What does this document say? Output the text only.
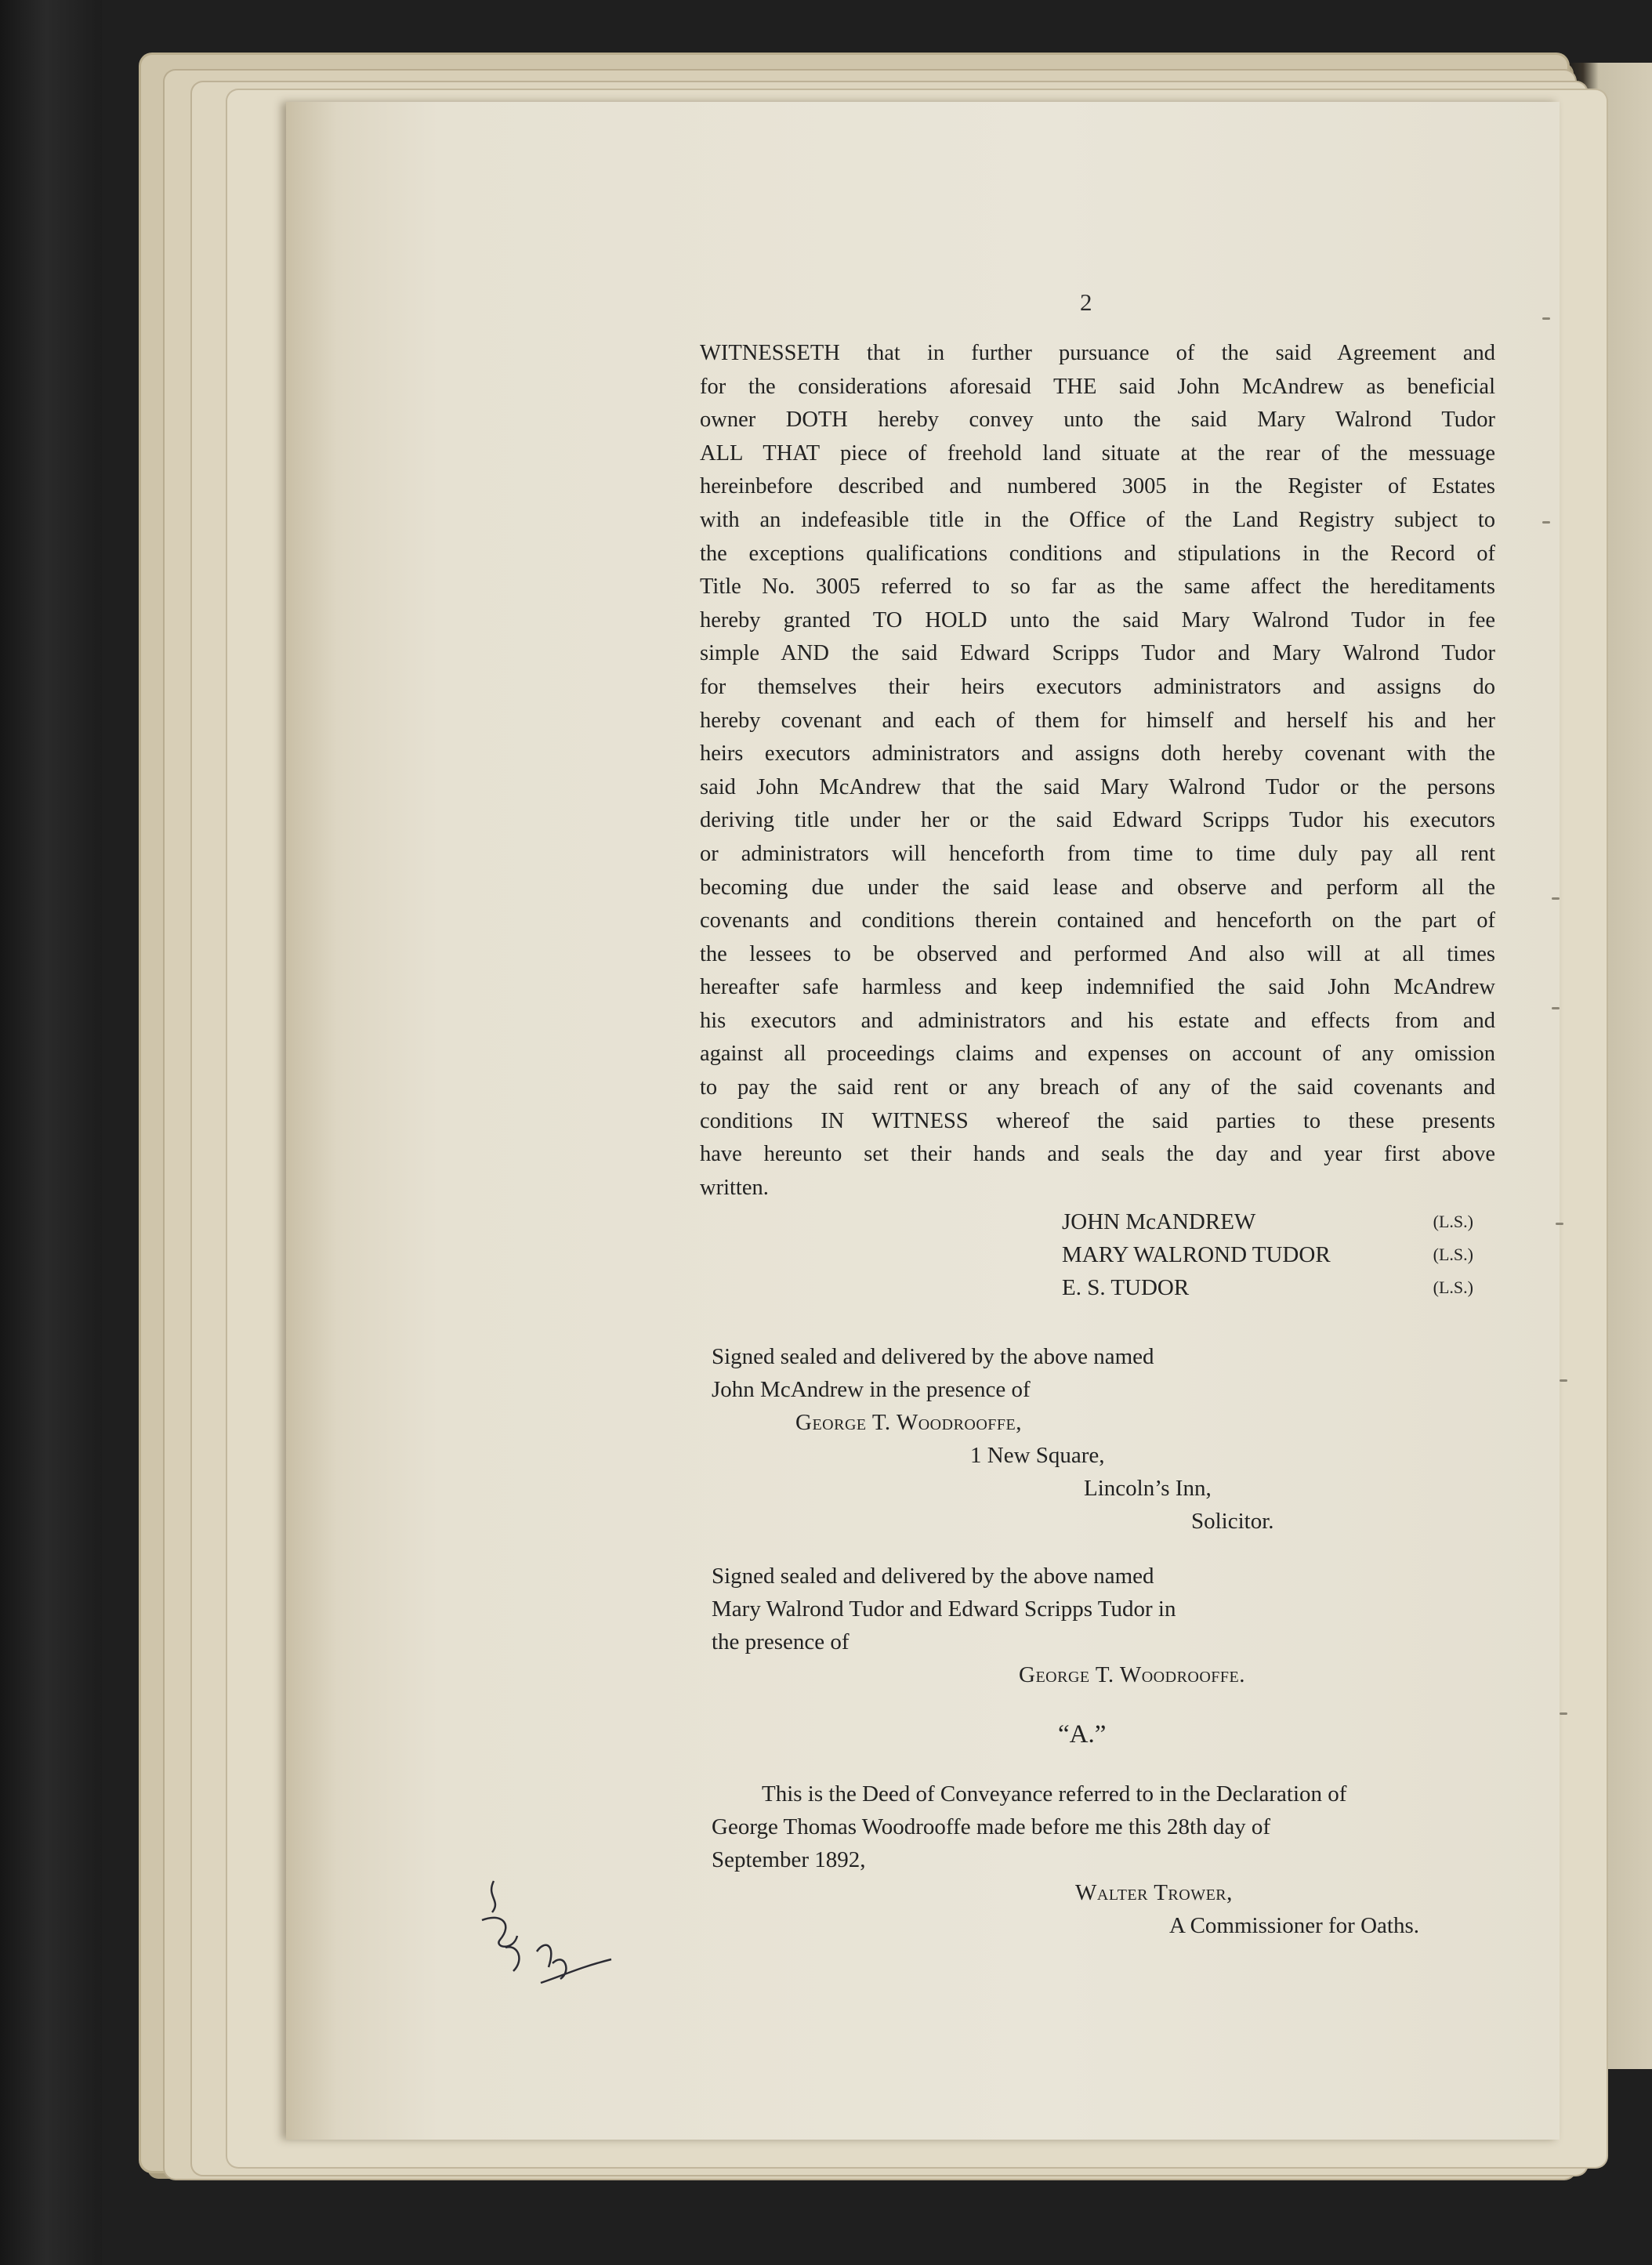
2
WITNESSETH that in further pursuance of the said Agreement and
for the considerations aforesaid THE said John McAndrew as beneficial
owner DOTH hereby convey unto the said Mary Walrond Tudor
ALL THAT piece of freehold land situate at the rear of the messuage
hereinbefore described and numbered 3005 in the Register of Estates
with an indefeasible title in the Office of the Land Registry subject to
the exceptions qualifications conditions and stipulations in the Record of
Title No. 3005 referred to so far as the same affect the hereditaments
hereby granted TO HOLD unto the said Mary Walrond Tudor in fee
simple AND the said Edward Scripps Tudor and Mary Walrond Tudor
for themselves their heirs executors administrators and assigns do
hereby covenant and each of them for himself and herself his and her
heirs executors administrators and assigns doth hereby covenant with the
said John McAndrew that the said Mary Walrond Tudor or the persons
deriving title under her or the said Edward Scripps Tudor his executors
or administrators will henceforth from time to time duly pay all rent
becoming due under the said lease and observe and perform all the
covenants and conditions therein contained and henceforth on the part of
the lessees to be observed and performed And also will at all times
hereafter safe harmless and keep indemnified the said John McAndrew
his executors and administrators and his estate and effects from and
against all proceedings claims and expenses on account of any omission
to pay the said rent or any breach of any of the said covenants and
conditions IN WITNESS whereof the said parties to these presents
have hereunto set their hands and seals the day and year first above
written.
JOHN McANDREW	(L.S.)
MARY WALROND TUDOR	(L.S.)
E. S. TUDOR	(L.S.)
Signed sealed and delivered by the above named
John McAndrew in the presence of
George T. Woodrooffe,
1 New Square,
Lincoln’s Inn,
Solicitor.
Signed sealed and delivered by the above named
Mary Walrond Tudor and Edward Scripps Tudor in
the presence of
George T. Woodrooffe.
“A.”
This is the Deed of Conveyance referred to in the Declaration of
George Thomas Woodrooffe made before me this 28th day of
September 1892,
Walter Trower,
A Commissioner for Oaths.
